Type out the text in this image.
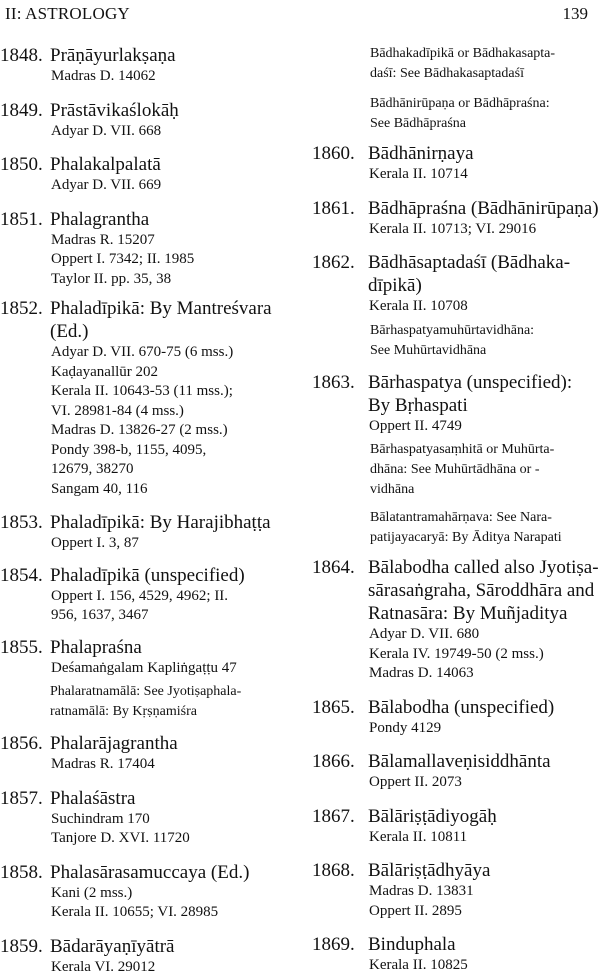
II: ASTROLOGY	139
1848. Prāṇāyurlakṣaṇa
Madras D. 14062
1849. Prāstāvikaślokāḥ
Adyar D. VII. 668
1850. Phalakalpalatā
Adyar D. VII. 669
1851. Phalagrantha
Madras R. 15207
Oppert I. 7342; II. 1985
Taylor II. pp. 35, 38
1852. Phaladīpikā: By Mantreśvara
(Ed.)
Adyar D. VII. 670-75 (6 mss.)
Kaḍayanallūr 202
Kerala II. 10643-53 (11 mss.);
VI. 28981-84 (4 mss.)
Madras D. 13826-27 (2 mss.)
Pondy 398-b, 1155, 4095,
12679, 38270
Sangam 40, 116
1853. Phaladīpikā: By Harajibhaṭṭa
Oppert I. 3, 87
1854. Phaladīpikā (unspecified)
Oppert I. 156, 4529, 4962; II.
956, 1637, 3467
1855. Phalapraśna
Deśamaṅgalam Kapliṅgaṭṭu 47
Phalaratnamālā: See Jyotiṣaphala-
ratnamālā: By Kṛṣṇamiśra
1856. Phalarājagrantha
Madras R. 17404
1857. Phalaśāstra
Suchindram 170
Tanjore D. XVI. 11720
1858. Phalasārasamuccaya (Ed.)
Kani (2 mss.)
Kerala II. 10655; VI. 28985
1859. Bādarāyaṇīyātrā
Kerala VI. 29012
Bādhakadīpikā or Bādhakasapta-
daśī: See Bādhakasaptadaśī
Bādhānirūpaṇa or Bādhāpraśna:
See Bādhāpraśna
1860. Bādhānirṇaya
Kerala II. 10714
1861. Bādhāpraśna (Bādhānirūpaṇa)
Kerala II. 10713; VI. 29016
1862. Bādhāsaptadaśī (Bādhaka-
dīpikā)
Kerala II. 10708
Bārhaspatyamuhūrtavidhāna:
See Muhūrtavidhāna
1863. Bārhaspatya (unspecified):
By Bṛhaspati
Oppert II. 4749
Bārhaspatyasaṃhitā or Muhūrta-
dhāna: See Muhūrtādhāna or -
vidhāna
Bālatantramahārṇava: See Nara-
patijayacaryā: By Āditya Narapati
1864. Bālabodha called also Jyotiṣa-
sārasaṅgraha, Sāroddhāra and
Ratnasāra: By Muñjaditya
Adyar D. VII. 680
Kerala IV. 19749-50 (2 mss.)
Madras D. 14063
1865. Bālabodha (unspecified)
Pondy 4129
1866. Bālamallaveṇisiddhānta
Oppert II. 2073
1867. Bālāriṣṭādiyogāḥ
Kerala II. 10811
1868. Bālāriṣṭādhyāya
Madras D. 13831
Oppert II. 2895
1869. Binduphala
Kerala II. 10825
